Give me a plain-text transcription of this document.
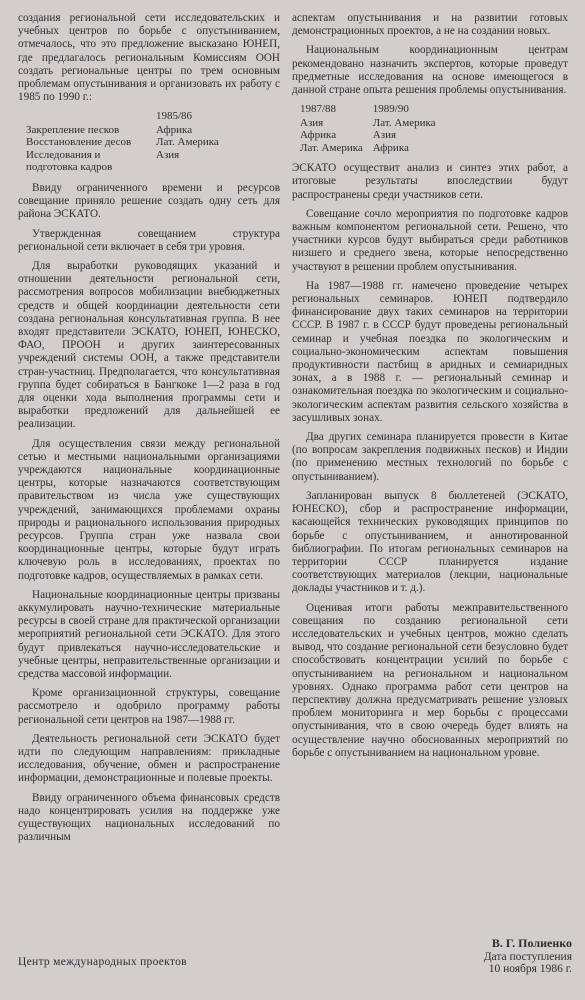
создания региональной сети исследовательских и учебных центров по борьбе с опустыниванием, отмечалось, что это предложение высказано ЮНЕП, где предлагалось региональным Комиссиям ООН создать региональные центры по трем основным проблемам опустынивания и организовать их работу с 1985 по 1990 г.:

	1985/86
Закрепление песков	Африка
Восстановление десов	Лат. Америка
Исследования и подготовка кадров	Азия

Ввиду ограниченного времени и ресурсов совещание приняло решение создать одну сеть для района ЭСКАТО.

Утвержденная совещанием структура региональной сети включает в себя три уровня.

Для выработки руководящих указаний и отношении деятельности региональной сети, рассмотрения вопросов мобилизации внебюджетных средств и общей координации деятельности сети создана региональная консультативная группа. В нее входят представители ЭСКАТО, ЮНЕП, ЮНЕСКО, ФАО, ПРООН и других заинтересованных учреждений системы ООН, а также представители стран-участниц. Предполагается, что консультативная группа будет собираться в Бангкоке 1—2 раза в год для оценки хода выполнения программы сети и выработки предложений для дальнейшей ее реализации.

Для осуществления связи между региональной сетью и местными национальными организациями учреждаются национальные координационные центры, которые назначаются соответствующим правительством из числа уже существующих учреждений, занимающихся проблемами охраны природы и рационального использования природных ресурсов. Группа стран уже назвала свои координационные центры, которые будут играть ключевую роль в исследованиях, проектах по подготовке кадров, осуществляемых в рамках сети.

Национальные координационные центры призваны аккумулировать научно-технические материальные ресурсы в своей стране для практической организации мероприятий региональной сети ЭСКАТО. Для этого будут привлекаться научно-исследовательские и учебные центры, неправительственные организации и средства массовой информации.

Кроме организационной структуры, совещание рассмотрело и одобрило программу работы региональной сети центров на 1987—1988 гг.

Деятельность региональной сети ЭСКАТО будет идти по следующим направлениям: прикладные исследования, обучение, обмен и распространение информации, демонстрационные и полевые проекты.

Ввиду ограниченного объема финансовых средств надо концентрировать усилия на поддержке уже существующих национальных исследований по различным

аспектам опустынивания и на развитии готовых демонстрационных проектов, а не на создании новых.

Национальным координационным центрам рекомендовано назначить экспертов, которые проведут предметные исследования на основе имеющегося в данной стране опыта решения проблемы опустынивания.

1987/88	1989/90
Азия	Лат. Америка
Африка	Азия
Лат. Америка	Африка

ЭСКАТО осуществит анализ и синтез этих работ, а итоговые результаты впоследствии будут распространены среди участников сети.

Совещание сочло мероприятия по подготовке кадров важным компонентом региональной сети. Решено, что участники курсов будут выбираться среди работников низшего и среднего звена, которые непосредственно участвуют в решении проблем опустынивания.

На 1987—1988 гг. намечено проведение четырех региональных семинаров. ЮНЕП подтвердило финансирование двух таких семинаров на территории СССР. В 1987 г. в СССР будут проведены региональный семинар и учебная поездка по экологическим и социально-экономическим аспектам повышения продуктивности пастбищ в аридных и семиаридных зонах, а в 1988 г. — региональный семинар и ознакомительная поездка по экологическим и социально-экологическим аспектам развития сельского хозяйства в засушливых зонах.

Два других семинара планируется провести в Китае (по вопросам закрепления подвижных песков) и Индии (по применению местных технологий по борьбе с опустыниванием).

Запланирован выпуск 8 бюллетеней (ЭСКАТО, ЮНЕСКО), сбор и распространение информации, касающейся технических руководящих принципов по борьбе с опустыниванием, и аннотированной библиографии. По итогам региональных семинаров на территории СССР планируется издание соответствующих материалов (лекции, национальные доклады участников и т. д.).

Оценивая итоги работы межправительственного совещания по созданию региональной сети исследовательских и учебных центров, можно сделать вывод, что создание региональной сети безусловно будет способствовать концентрации усилий по борьбе с опустыниванием на региональном и национальном уровнях. Однако программа работ сети центров на перспективу должна предусматривать решение узловых проблем мониторинга и мер борьбы с процессами опустынивания, что в свою очередь будет влиять на осуществление научно обоснованных мероприятий по борьбе с опустыниванием на национальном уровне.

В. Г. Полиенко
Дата поступления
10 ноября 1986 г.
Центр международных проектов
